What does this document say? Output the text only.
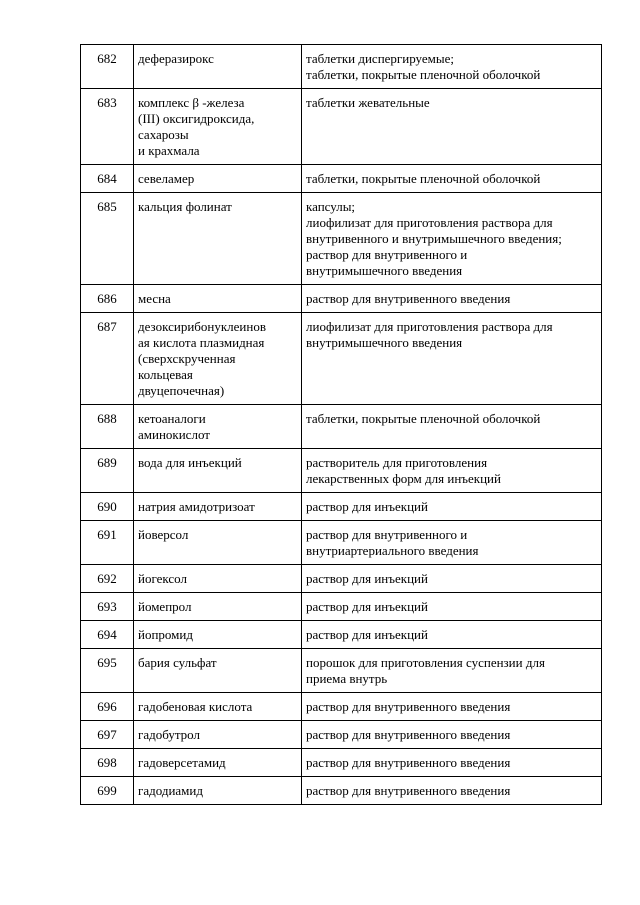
682	деферазирокс	таблетки диспергируемые;
таблетки, покрытые пленочной оболочкой

683	комплекс β -железа
(III) оксигидроксида,
сахарозы
и крахмала	таблетки жевательные

684	севеламер	таблетки, покрытые пленочной оболочкой

685	кальция фолинат	капсулы;
лиофилизат для приготовления раствора для
внутривенного и внутримышечного введения;
раствор для внутривенного и
внутримышечного введения

686	месна	раствор для внутривенного введения

687	дезоксирибонуклеинов
ая кислота плазмидная
(сверхскрученная
кольцевая
двуцепочечная)	лиофилизат для приготовления раствора для
внутримышечного введения

688	кетоаналоги
аминокислот	таблетки, покрытые пленочной оболочкой

689	вода для инъекций	растворитель для приготовления
лекарственных форм для инъекций

690	натрия амидотризоат	раствор для инъекций

691	йоверсол	раствор для внутривенного и
внутриартериального введения

692	йогексол	раствор для инъекций

693	йомепрол	раствор для инъекций

694	йопромид	раствор для инъекций

695	бария сульфат	порошок для приготовления суспензии для
приема внутрь

696	гадобеновая кислота	раствор для внутривенного введения

697	гадобутрол	раствор для внутривенного введения

698	гадоверсетамид	раствор для внутривенного введения

699	гадодиамид	раствор для внутривенного введения
